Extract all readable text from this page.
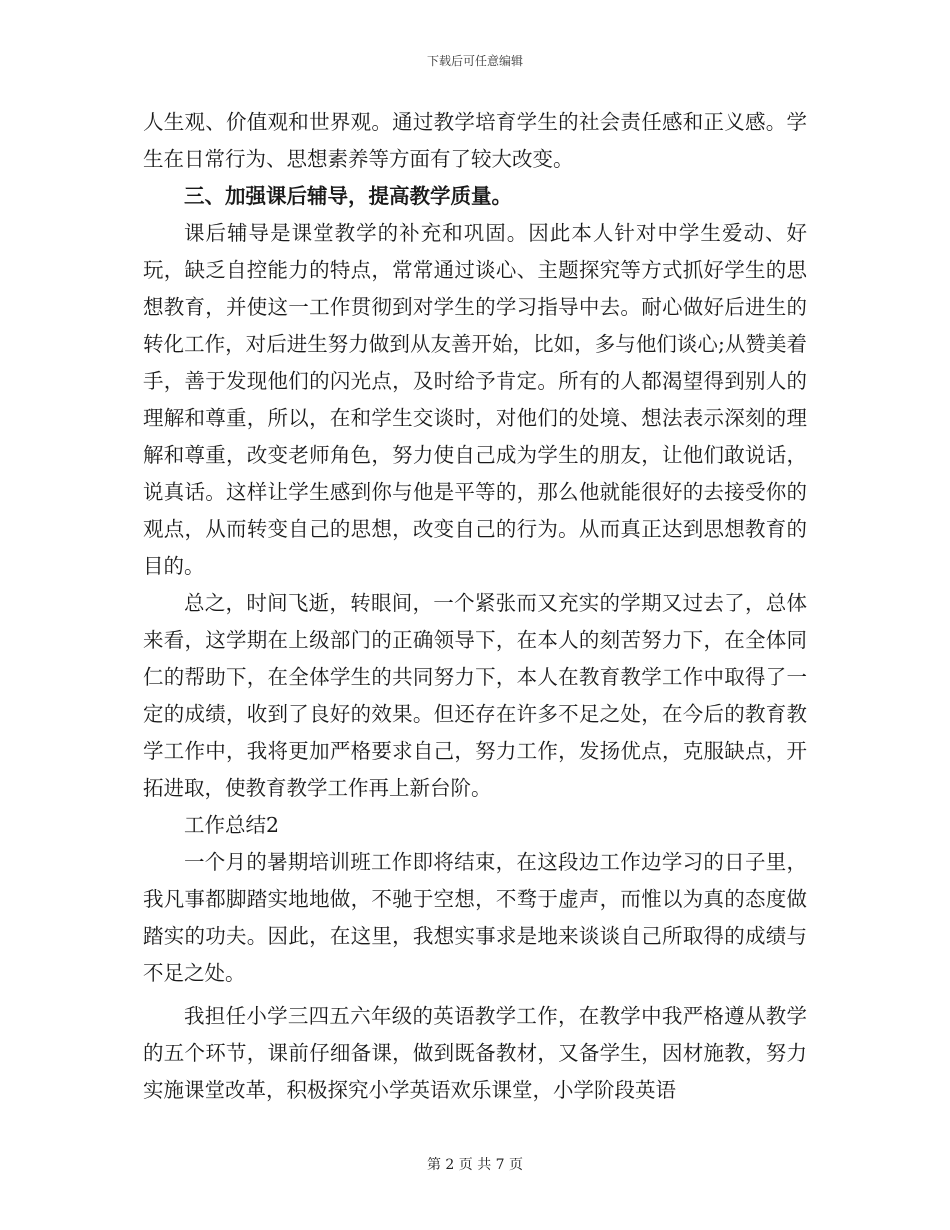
下载后可任意编辑

人生观、价值观和世界观。通过教学培育学生的社会责任感和正义感。学生在日常行为、思想素养等方面有了较大改变。

三、加强课后辅导，提高教学质量。

课后辅导是课堂教学的补充和巩固。因此本人针对中学生爱动、好玩，缺乏自控能力的特点，常常通过谈心、主题探究等方式抓好学生的思想教育，并使这一工作贯彻到对学生的学习指导中去。耐心做好后进生的转化工作，对后进生努力做到从友善开始，比如，多与他们谈心;从赞美着手，善于发现他们的闪光点，及时给予肯定。所有的人都渴望得到别人的理解和尊重，所以，在和学生交谈时，对他们的处境、想法表示深刻的理解和尊重，改变老师角色，努力使自己成为学生的朋友，让他们敢说话，说真话。这样让学生感到你与他是平等的，那么他就能很好的去接受你的观点，从而转变自己的思想，改变自己的行为。从而真正达到思想教育的目的。

总之，时间飞逝，转眼间，一个紧张而又充实的学期又过去了，总体来看，这学期在上级部门的正确领导下，在本人的刻苦努力下，在全体同仁的帮助下，在全体学生的共同努力下，本人在教育教学工作中取得了一定的成绩，收到了良好的效果。但还存在许多不足之处，在今后的教育教学工作中，我将更加严格要求自己，努力工作，发扬优点，克服缺点，开拓进取，使教育教学工作再上新台阶。

工作总结2

一个月的暑期培训班工作即将结束，在这段边工作边学习的日子里，我凡事都脚踏实地地做，不驰于空想，不骛于虚声，而惟以为真的态度做踏实的功夫。因此，在这里，我想实事求是地来谈谈自己所取得的成绩与不足之处。

我担任小学三四五六年级的英语教学工作，在教学中我严格遵从教学的五个环节，课前仔细备课，做到既备教材，又备学生，因材施教，努力实施课堂改革，积极探究小学英语欢乐课堂，小学阶段英语

第 2 页 共 7 页
